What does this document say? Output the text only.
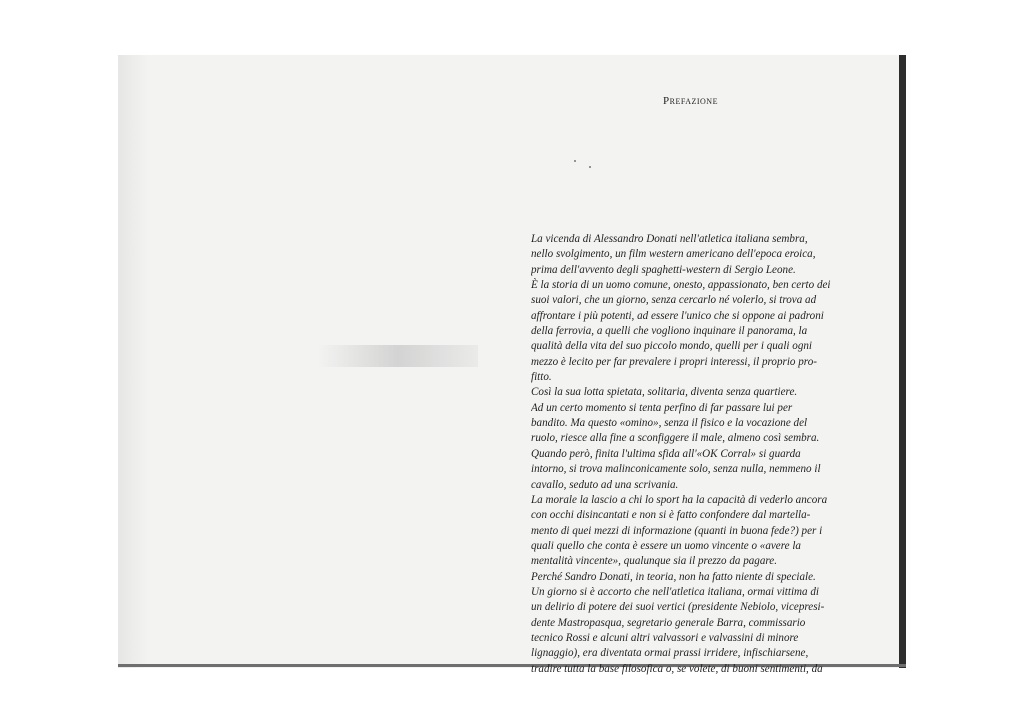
Prefazione
La vicenda di Alessandro Donati nell'atletica italiana sembra,
nello svolgimento, un film western americano dell'epoca eroica,
prima dell'avvento degli spaghetti-western di Sergio Leone.
È la storia di un uomo comune, onesto, appassionato, ben certo dei
suoi valori, che un giorno, senza cercarlo né volerlo, si trova ad
affrontare i più potenti, ad essere l'unico che si oppone ai padroni
della ferrovia, a quelli che vogliono inquinare il panorama, la
qualità della vita del suo piccolo mondo, quelli per i quali ogni
mezzo è lecito per far prevalere i propri interessi, il proprio pro-
fitto.
Così la sua lotta spietata, solitaria, diventa senza quartiere.
Ad un certo momento si tenta perfino di far passare lui per
bandito. Ma questo «omino», senza il fisico e la vocazione del
ruolo, riesce alla fine a sconfiggere il male, almeno così sembra.
Quando però, finita l'ultima sfida all'«OK Corral» si guarda
intorno, si trova malinconicamente solo, senza nulla, nemmeno il
cavallo, seduto ad una scrivania.
La morale la lascio a chi lo sport ha la capacità di vederlo ancora
con occhi disincantati e non si è fatto confondere dal martella-
mento di quei mezzi di informazione (quanti in buona fede?) per i
quali quello che conta è essere un uomo vincente o «avere la
mentalità vincente», qualunque sia il prezzo da pagare.
Perché Sandro Donati, in teoria, non ha fatto niente di speciale.
Un giorno si è accorto che nell'atletica italiana, ormai vittima di
un delirio di potere dei suoi vertici (presidente Nebiolo, vicepresi-
dente Mastropasqua, segretario generale Barra, commissario
tecnico Rossi e alcuni altri valvassori e valvassini di minore
lignaggio), era diventata ormai prassi irridere, infischiarsene,
tradire tutta la base filosofica o, se volete, di buoni sentimenti, da
